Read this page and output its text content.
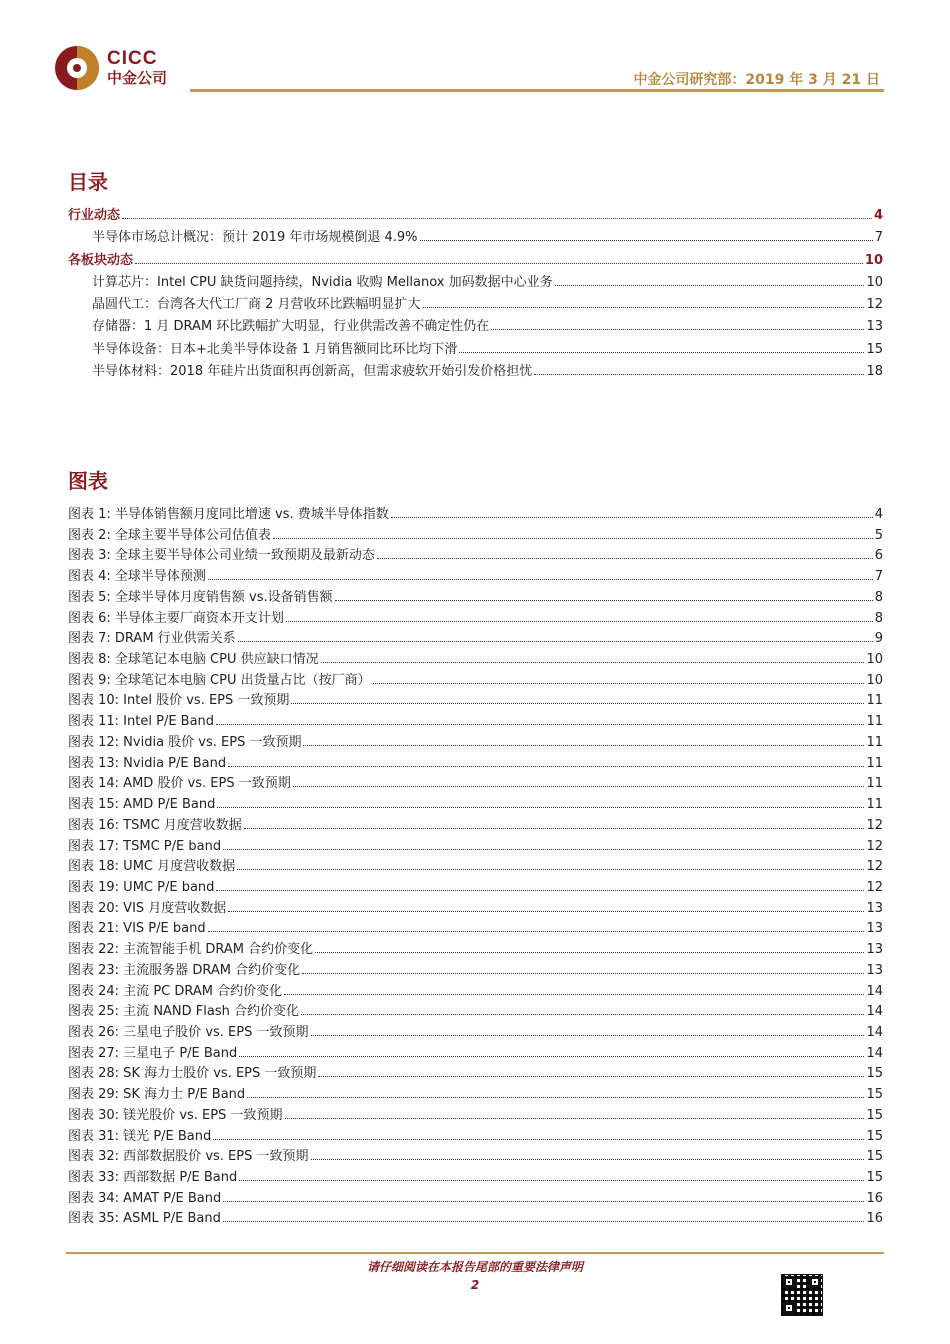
CICC
中金公司	中金公司研究部：2019 年 3 月 21 日
目录
行业动态	4
半导体市场总计概况：预计 2019 年市场规模倒退 4.9%	7
各板块动态	10
计算芯片：Intel CPU 缺货问题持续，Nvidia 收购 Mellanox 加码数据中心业务	10
晶圆代工：台湾各大代工厂商 2 月营收环比跌幅明显扩大	12
存储器：1 月 DRAM 环比跌幅扩大明显，行业供需改善不确定性仍在	13
半导体设备：日本+北美半导体设备 1 月销售额同比环比均下滑	15
半导体材料：2018 年硅片出货面积再创新高，但需求疲软开始引发价格担忧	18
图表
图表 1: 半导体销售额月度同比增速 vs. 费城半导体指数	4
图表 2: 全球主要半导体公司估值表	5
图表 3: 全球主要半导体公司业绩一致预期及最新动态	6
图表 4: 全球半导体预测	7
图表 5: 全球半导体月度销售额 vs.设备销售额	8
图表 6: 半导体主要厂商资本开支计划	8
图表 7: DRAM 行业供需关系	9
图表 8: 全球笔记本电脑 CPU 供应缺口情况	10
图表 9: 全球笔记本电脑 CPU 出货量占比（按厂商）	10
图表 10: Intel 股价 vs. EPS 一致预期	11
图表 11: Intel P/E Band	11
图表 12: Nvidia 股价 vs. EPS 一致预期	11
图表 13: Nvidia P/E Band	11
图表 14: AMD 股价 vs. EPS 一致预期	11
图表 15: AMD P/E Band	11
图表 16: TSMC 月度营收数据	12
图表 17: TSMC P/E band	12
图表 18: UMC 月度营收数据	12
图表 19: UMC P/E band	12
图表 20: VIS 月度营收数据	13
图表 21: VIS P/E band	13
图表 22: 主流智能手机 DRAM 合约价变化	13
图表 23: 主流服务器 DRAM 合约价变化	13
图表 24: 主流 PC DRAM 合约价变化	14
图表 25: 主流 NAND Flash 合约价变化	14
图表 26: 三星电子股价 vs. EPS 一致预期	14
图表 27: 三星电子 P/E Band	14
图表 28: SK 海力士股价 vs. EPS 一致预期	15
图表 29: SK 海力士 P/E Band	15
图表 30: 镁光股价 vs. EPS 一致预期	15
图表 31: 镁光 P/E Band	15
图表 32: 西部数据股价 vs. EPS 一致预期	15
图表 33: 西部数据 P/E Band	15
图表 34: AMAT P/E Band	16
图表 35: ASML P/E Band	16
请仔细阅读在本报告尾部的重要法律声明
2
